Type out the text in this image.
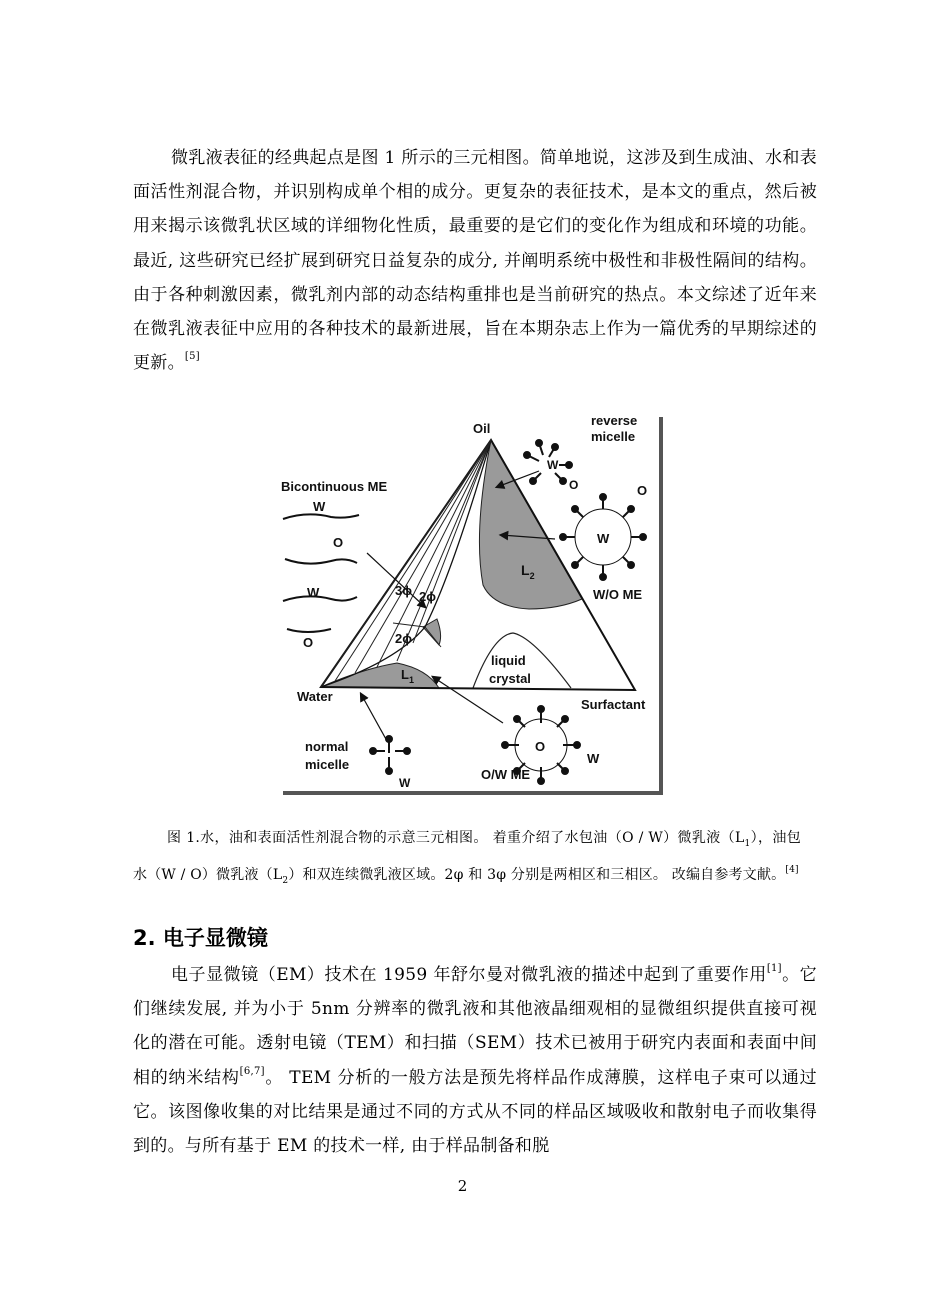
微乳液表征的经典起点是图 1 所示的三元相图。简单地说，这涉及到生成油、水和表面活性剂混合物，并识别构成单个相的成分。更复杂的表征技术，是本文的重点，然后被用来揭示该微乳状区域的详细物化性质，最重要的是它们的变化作为组成和环境的功能。最近, 这些研究已经扩展到研究日益复杂的成分, 并阐明系统中极性和非极性隔间的结构。由于各种刺激因素，微乳剂内部的动态结构重排也是当前研究的热点。本文综述了近年来在微乳液表征中应用的各种技术的最新进展，旨在本期杂志上作为一篇优秀的早期综述的更新。[5]

Oil
Water
Surfactant
Bicontinuous ME
reverse
micelle
W/O ME
O/W ME
normal
micelle
liquid
crystal
$L_2$
$L_1$
3ϕ 2ϕ
2ϕ
W
W
W
O
W
O
O
W
O
O
W

图 1.水，油和表面活性剂混合物的示意三元相图。 着重介绍了水包油（O / W）微乳液$(L_1)$，油包水（W / O）微乳液$(L_2)$和双连续微乳液区域。2φ 和 3φ 分别是两相区和三相区。 改编自参考文献。[4]

2. 电子显微镜

电子显微镜（EM）技术在 1959 年舒尔曼对微乳液的描述中起到了重要作用[1]。它们继续发展, 并为小于 5nm 分辨率的微乳液和其他液晶细观相的显微组织提供直接可视化的潜在可能。透射电镜（TEM）和扫描（SEM）技术已被用于研究内表面和表面中间相的纳米结构[6,7]。 TEM 分析的一般方法是预先将样品作成薄膜，这样电子束可以通过它。该图像收集的对比结果是通过不同的方式从不同的样品区域吸收和散射电子而收集得到的。与所有基于 EM 的技术一样, 由于样品制备和脱

2
